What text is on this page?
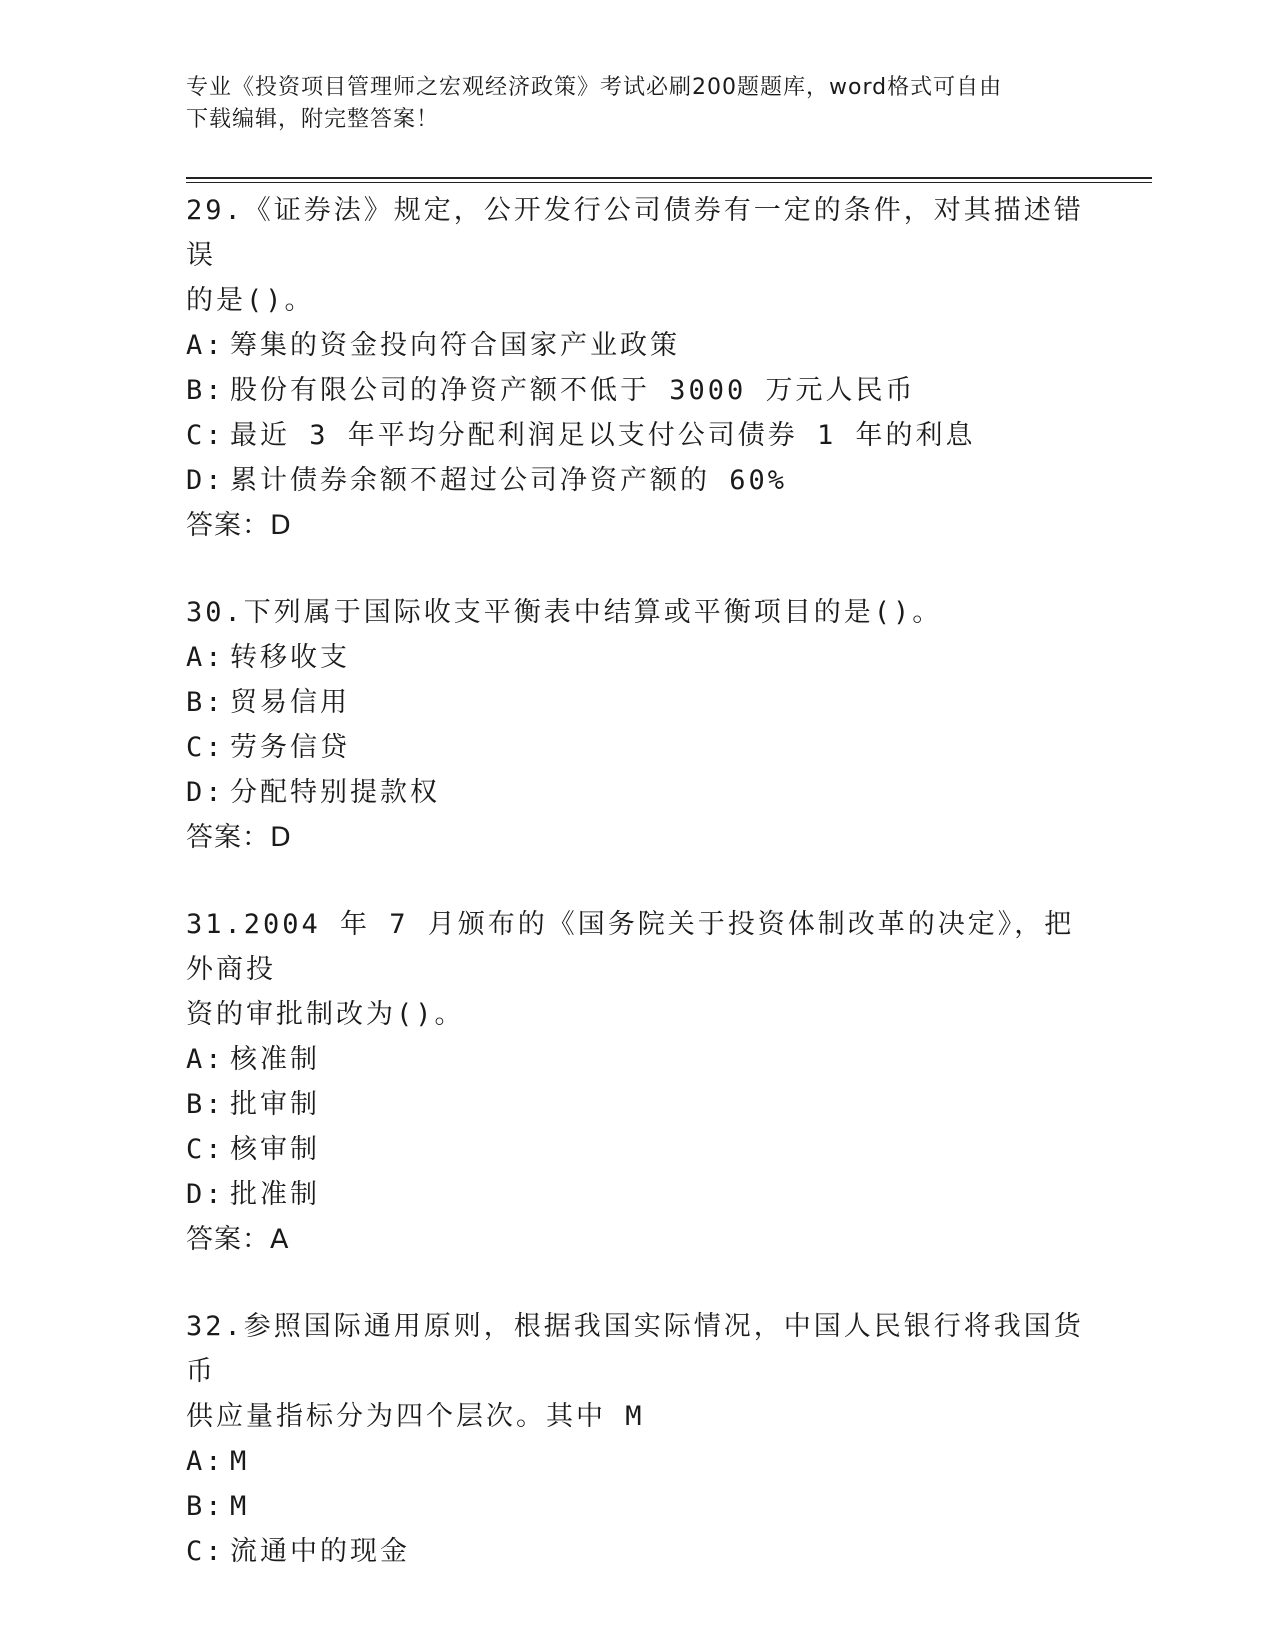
专业《投资项目管理师之宏观经济政策》考试必刷200题题库，word格式可自由
下载编辑，附完整答案！

29.《证券法》规定，公开发行公司债券有一定的条件，对其描述错误

的是()。

A: 筹集的资金投向符合国家产业政策

B: 股份有限公司的净资产额不低于 3000 万元人民币

C: 最近 3 年平均分配利润足以支付公司债券 1 年的利息

D: 累计债券余额不超过公司净资产额的 60%

答案：D

30.下列属于国际收支平衡表中结算或平衡项目的是()。

A: 转移收支

B: 贸易信用

C: 劳务信贷

D: 分配特别提款权

答案：D

31.2004 年 7 月颁布的《国务院关于投资体制改革的决定》，把外商投

资的审批制改为()。

A: 核准制

B: 批审制

C: 核审制

D: 批准制

答案：A

32.参照国际通用原则，根据我国实际情况，中国人民银行将我国货币

供应量指标分为四个层次。其中 M

A: M

B: M

C: 流通中的现金
